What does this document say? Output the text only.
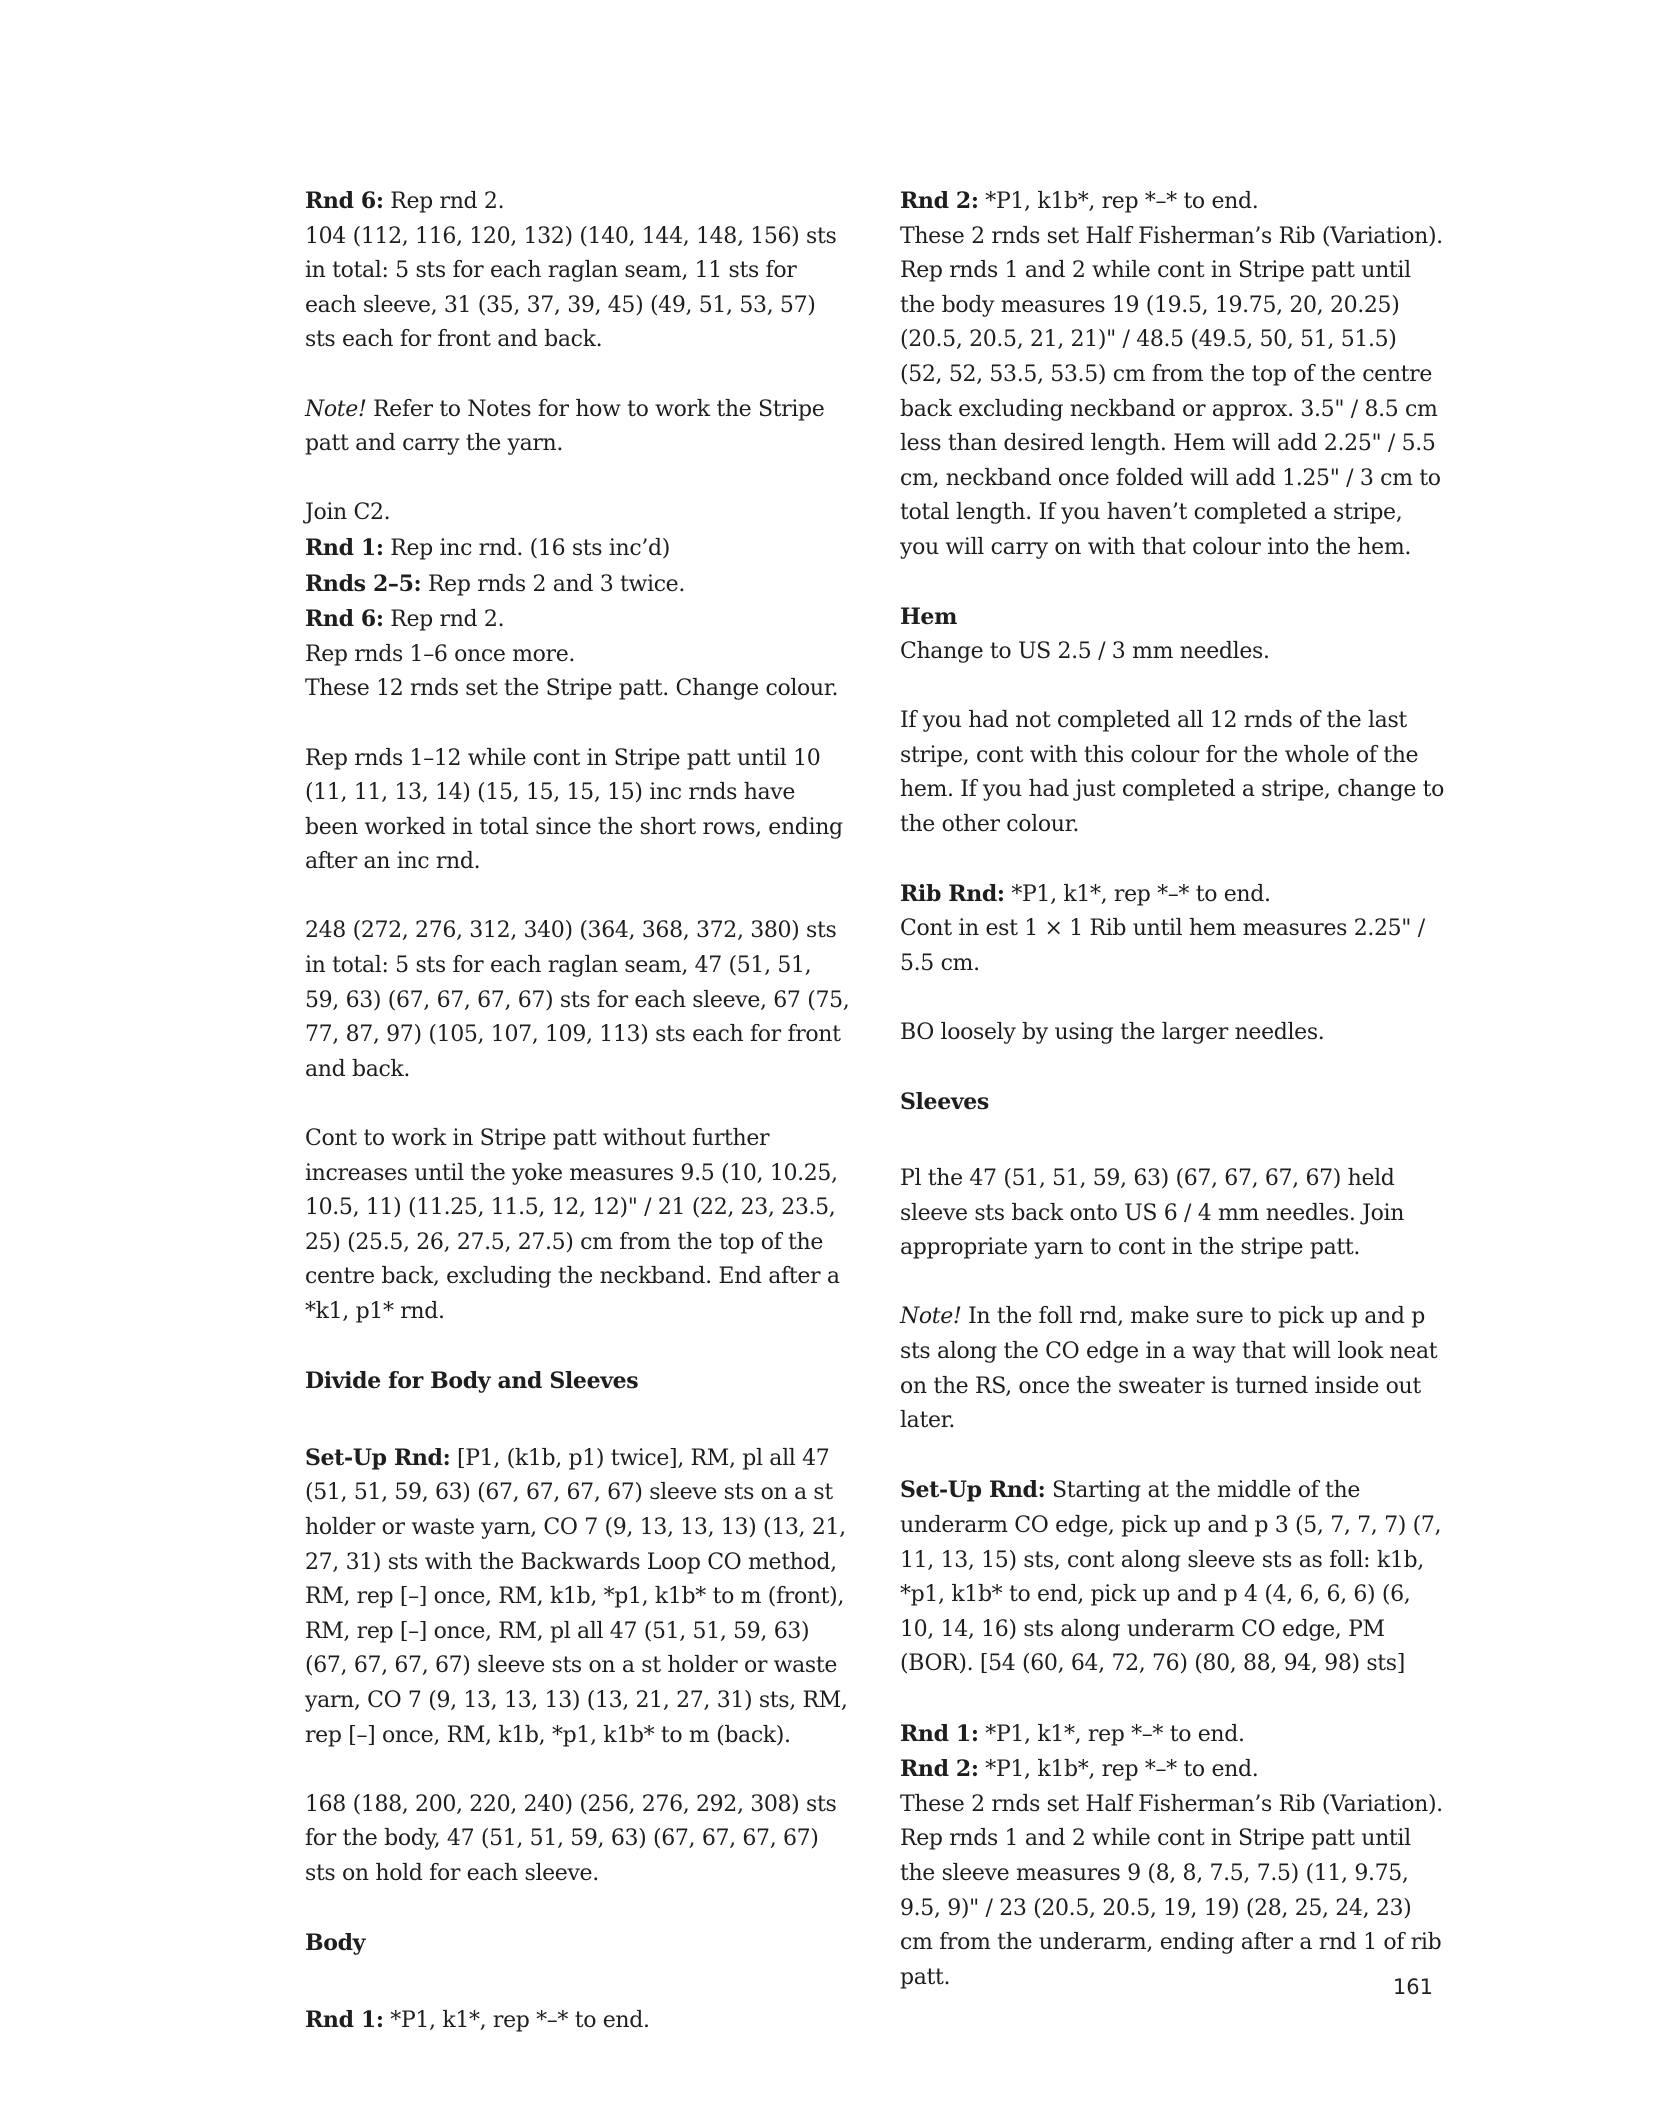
Rnd 6: Rep rnd 2.

104 (112, 116, 120, 132) (140, 144, 148, 156) sts in total: 5 sts for each raglan seam, 11 sts for each sleeve, 31 (35, 37, 39, 45) (49, 51, 53, 57) sts each for front and back.

Note! Refer to Notes for how to work the Stripe patt and carry the yarn.

Join C2.

Rnd 1: Rep inc rnd. (16 sts inc’d)

Rnds 2–5: Rep rnds 2 and 3 twice.

Rnd 6: Rep rnd 2.

Rep rnds 1–6 once more.

These 12 rnds set the Stripe patt. Change colour.

Rep rnds 1–12 while cont in Stripe patt until 10 (11, 11, 13, 14) (15, 15, 15, 15) inc rnds have been worked in total since the short rows, ending after an inc rnd.

248 (272, 276, 312, 340) (364, 368, 372, 380) sts in total: 5 sts for each raglan seam, 47 (51, 51, 59, 63) (67, 67, 67, 67) sts for each sleeve, 67 (75, 77, 87, 97) (105, 107, 109, 113) sts each for front and back.

Cont to work in Stripe patt without further increases until the yoke measures 9.5 (10, 10.25, 10.5, 11) (11.25, 11.5, 12, 12)" / 21 (22, 23, 23.5, 25) (25.5, 26, 27.5, 27.5) cm from the top of the centre back, excluding the neckband. End after a *k1, p1* rnd.

Divide for Body and Sleeves

Set-Up Rnd: [P1, (k1b, p1) twice], RM, pl all 47 (51, 51, 59, 63) (67, 67, 67, 67) sleeve sts on a st holder or waste yarn, CO 7 (9, 13, 13, 13) (13, 21, 27, 31) sts with the Backwards Loop CO method, RM, rep [–] once, RM, k1b, *p1, k1b* to m (front), RM, rep [–] once, RM, pl all 47 (51, 51, 59, 63) (67, 67, 67, 67) sleeve sts on a st holder or waste yarn, CO 7 (9, 13, 13, 13) (13, 21, 27, 31) sts, RM, rep [–] once, RM, k1b, *p1, k1b* to m (back).

168 (188, 200, 220, 240) (256, 276, 292, 308) sts for the body, 47 (51, 51, 59, 63) (67, 67, 67, 67) sts on hold for each sleeve.

Body

Rnd 1: *P1, k1*, rep *–* to end.

Rnd 2: *P1, k1b*, rep *–* to end.

These 2 rnds set Half Fisherman’s Rib (Variation). Rep rnds 1 and 2 while cont in Stripe patt until the body measures 19 (19.5, 19.75, 20, 20.25) (20.5, 20.5, 21, 21)" / 48.5 (49.5, 50, 51, 51.5) (52, 52, 53.5, 53.5) cm from the top of the centre back excluding neckband or approx. 3.5" / 8.5 cm less than desired length. Hem will add 2.25" / 5.5 cm, neckband once folded will add 1.25" / 3 cm to total length. If you haven’t completed a stripe, you will carry on with that colour into the hem.

Hem

Change to US 2.5 / 3 mm needles.

If you had not completed all 12 rnds of the last stripe, cont with this colour for the whole of the hem. If you had just completed a stripe, change to the other colour.

Rib Rnd: *P1, k1*, rep *–* to end.

Cont in est 1 × 1 Rib until hem measures 2.25" / 5.5 cm.

BO loosely by using the larger needles.

Sleeves

Pl the 47 (51, 51, 59, 63) (67, 67, 67, 67) held sleeve sts back onto US 6 / 4 mm needles. Join appropriate yarn to cont in the stripe patt.

Note! In the foll rnd, make sure to pick up and p sts along the CO edge in a way that will look neat on the RS, once the sweater is turned inside out later.

Set-Up Rnd: Starting at the middle of the underarm CO edge, pick up and p 3 (5, 7, 7, 7) (7, 11, 13, 15) sts, cont along sleeve sts as foll: k1b, *p1, k1b* to end, pick up and p 4 (4, 6, 6, 6) (6, 10, 14, 16) sts along underarm CO edge, PM (BOR). [54 (60, 64, 72, 76) (80, 88, 94, 98) sts]

Rnd 1: *P1, k1*, rep *–* to end.

Rnd 2: *P1, k1b*, rep *–* to end.

These 2 rnds set Half Fisherman’s Rib (Variation). Rep rnds 1 and 2 while cont in Stripe patt until the sleeve measures 9 (8, 8, 7.5, 7.5) (11, 9.75, 9.5, 9)" / 23 (20.5, 20.5, 19, 19) (28, 25, 24, 23) cm from the underarm, ending after a rnd 1 of rib patt.	161
